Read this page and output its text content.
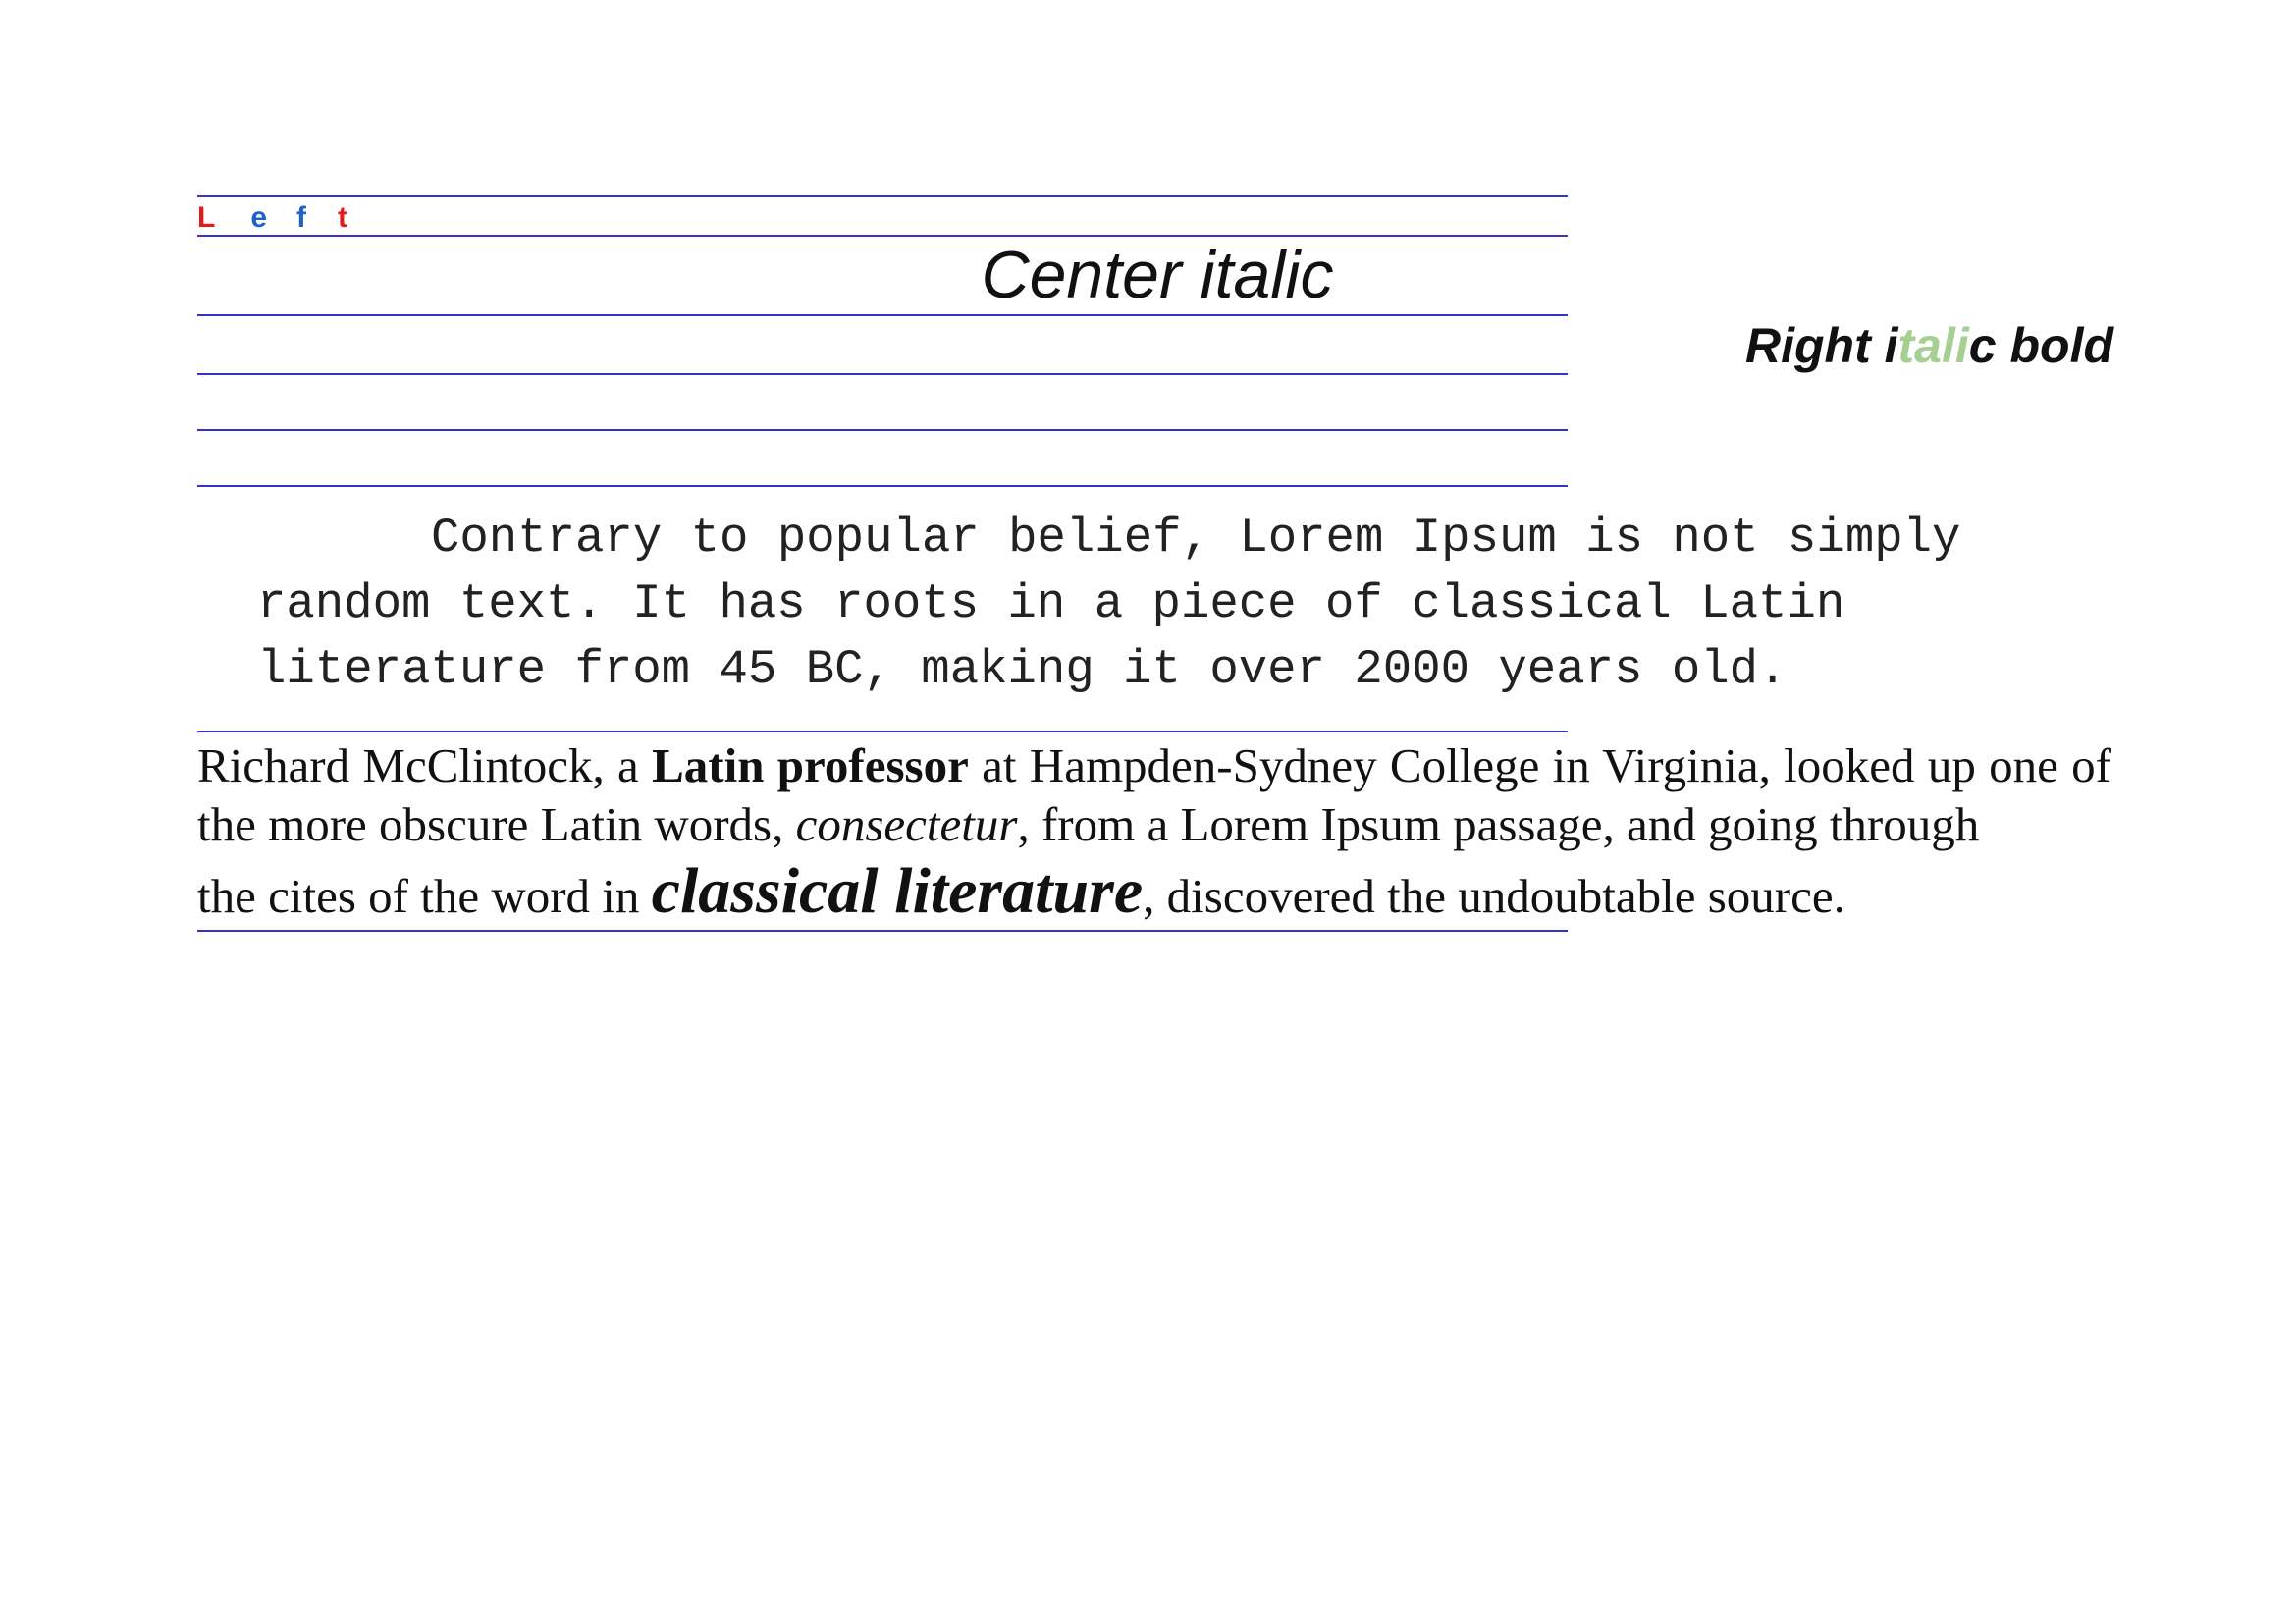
L e f t
Center italic
Right italic bold

Contrary to popular belief, Lorem Ipsum is not simply random text. It has roots in a piece of classical Latin literature from 45 BC, making it over 2000 years old.

Richard McClintock, a Latin professor at Hampden-Sydney College in Virginia, looked up one of the more obscure Latin words, consectetur, from a Lorem Ipsum passage, and going through
the cites of the word in classical literature, discovered the undoubtable source.
